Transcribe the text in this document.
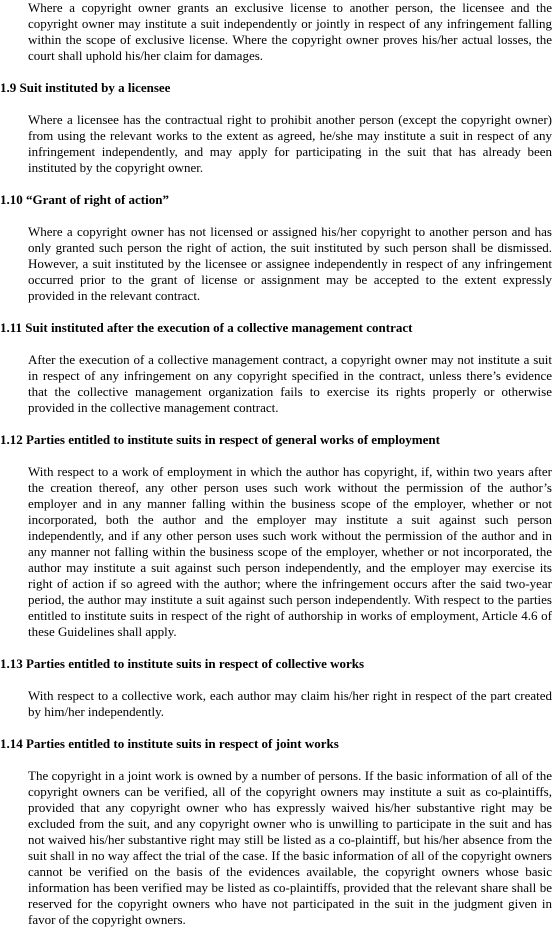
Where a copyright owner grants an exclusive license to another person, the licensee and the copyright owner may institute a suit independently or jointly in respect of any infringement falling within the scope of exclusive license. Where the copyright owner proves his/her actual losses, the court shall uphold his/her claim for damages.

1.9 Suit instituted by a licensee

Where a licensee has the contractual right to prohibit another person (except the copyright owner) from using the relevant works to the extent as agreed, he/she may institute a suit in respect of any infringement independently, and may apply for participating in the suit that has already been instituted by the copyright owner.

1.10 “Grant of right of action”

Where a copyright owner has not licensed or assigned his/her copyright to another person and has only granted such person the right of action, the suit instituted by such person shall be dismissed. However, a suit instituted by the licensee or assignee independently in respect of any infringement occurred prior to the grant of license or assignment may be accepted to the extent expressly provided in the relevant contract.

1.11 Suit instituted after the execution of a collective management contract

After the execution of a collective management contract, a copyright owner may not institute a suit in respect of any infringement on any copyright specified in the contract, unless there’s evidence that the collective management organization fails to exercise its rights properly or otherwise provided in the collective management contract.

1.12 Parties entitled to institute suits in respect of general works of employment

With respect to a work of employment in which the author has copyright, if, within two years after the creation thereof, any other person uses such work without the permission of the author’s employer and in any manner falling within the business scope of the employer, whether or not incorporated, both the author and the employer may institute a suit against such person independently, and if any other person uses such work without the permission of the author and in any manner not falling within the business scope of the employer, whether or not incorporated, the author may institute a suit against such person independently, and the employer may exercise its right of action if so agreed with the author; where the infringement occurs after the said two-year period, the author may institute a suit against such person independently. With respect to the parties entitled to institute suits in respect of the right of authorship in works of employment, Article 4.6 of these Guidelines shall apply.

1.13 Parties entitled to institute suits in respect of collective works

With respect to a collective work, each author may claim his/her right in respect of the part created by him/her independently.

1.14 Parties entitled to institute suits in respect of joint works

The copyright in a joint work is owned by a number of persons. If the basic information of all of the copyright owners can be verified, all of the copyright owners may institute a suit as co-plaintiffs, provided that any copyright owner who has expressly waived his/her substantive right may be excluded from the suit, and any copyright owner who is unwilling to participate in the suit and has not waived his/her substantive right may still be listed as a co-plaintiff, but his/her absence from the suit shall in no way affect the trial of the case. If the basic information of all of the copyright owners cannot be verified on the basis of the evidences available, the copyright owners whose basic information has been verified may be listed as co-plaintiffs, provided that the relevant share shall be reserved for the copyright owners who have not participated in the suit in the judgment given in favor of the copyright owners.
